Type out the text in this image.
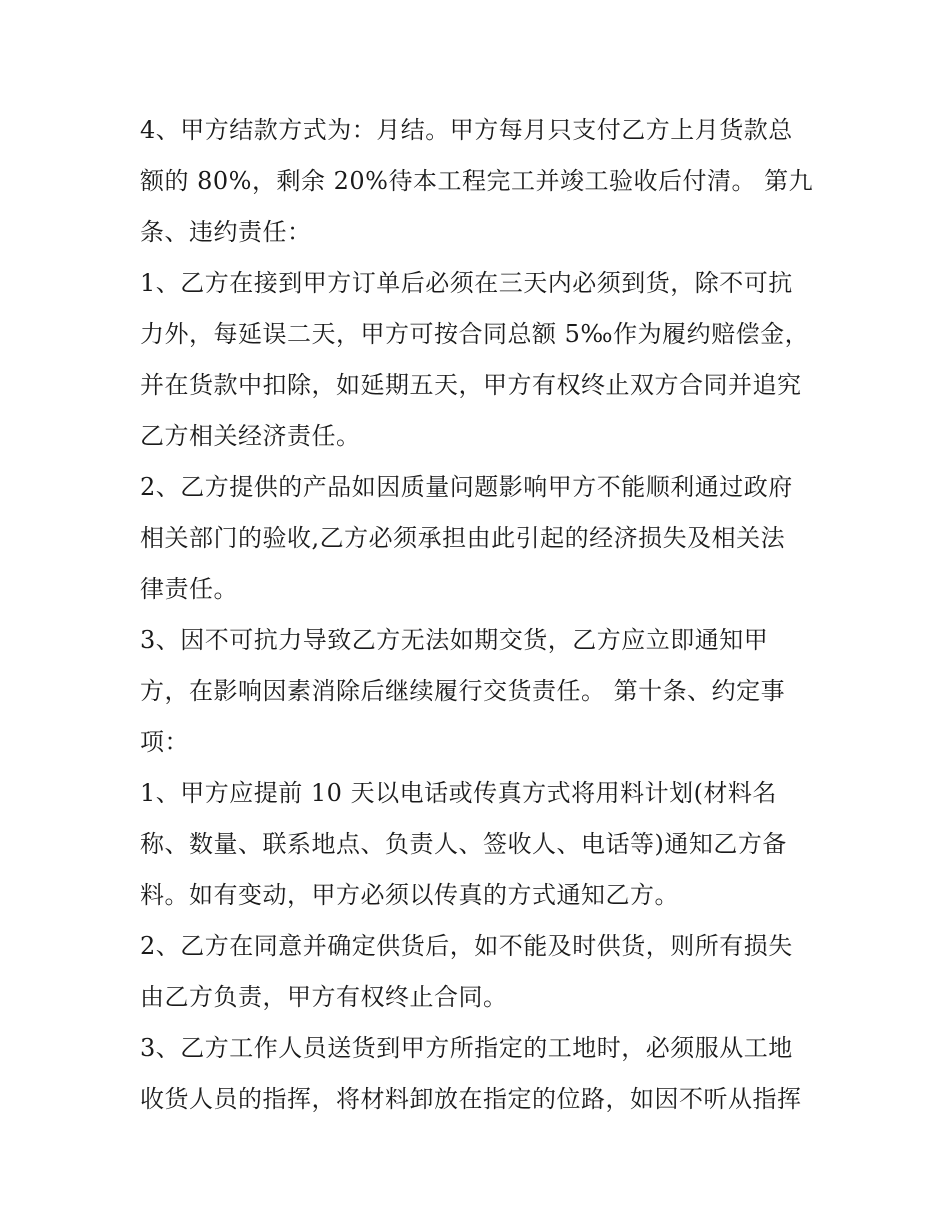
4、甲方结款方式为：月结。甲方每月只支付乙方上月货款总
额的 80%，剩余 20%待本工程完工并竣工验收后付清。 第九
条、违约责任：
1、乙方在接到甲方订单后必须在三天内必须到货，除不可抗
力外，每延误二天，甲方可按合同总额 5‰作为履约赔偿金，
并在货款中扣除，如延期五天，甲方有权终止双方合同并追究
乙方相关经济责任。
2、乙方提供的产品如因质量问题影响甲方不能顺利通过政府
相关部门的验收,乙方必须承担由此引起的经济损失及相关法
律责任。
3、因不可抗力导致乙方无法如期交货，乙方应立即通知甲
方，在影响因素消除后继续履行交货责任。 第十条、约定事
项：
1、甲方应提前 10 天以电话或传真方式将用料计划(材料名
称、数量、联系地点、负责人、签收人、电话等)通知乙方备
料。如有变动，甲方必须以传真的方式通知乙方。
2、乙方在同意并确定供货后，如不能及时供货，则所有损失
由乙方负责，甲方有权终止合同。
3、乙方工作人员送货到甲方所指定的工地时，必须服从工地
收货人员的指挥，将材料卸放在指定的位路，如因不听从指挥
